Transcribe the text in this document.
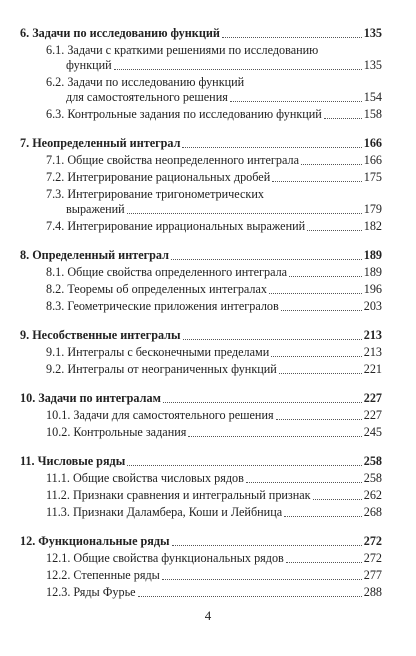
6. Задачи по исследованию функций	135
6.1. Задачи с краткими решениями по исследованию
функций	135
6.2. Задачи по исследованию функций
для самостоятельного решения	154
6.3. Контрольные задания по исследованию функций	158
7. Неопределенный интеграл	166
7.1. Общие свойства неопределенного интеграла	166
7.2. Интегрирование рациональных дробей	175
7.3. Интегрирование тригонометрических
выражений	179
7.4. Интегрирование иррациональных выражений	182
8. Определенный интеграл	189
8.1. Общие свойства определенного интеграла	189
8.2. Теоремы об определенных интегралах	196
8.3. Геометрические приложения интегралов	203
9. Несобственные интегралы	213
9.1. Интегралы с бесконечными пределами	213
9.2. Интегралы от неограниченных функций	221
10. Задачи по интегралам	227
10.1. Задачи для самостоятельного решения	227
10.2. Контрольные задания	245
11. Числовые ряды	258
11.1. Общие свойства числовых рядов	258
11.2. Признаки сравнения и интегральный признак	262
11.3. Признаки Даламбера, Коши и Лейбница	268
12. Функциональные ряды	272
12.1. Общие свойства функциональных рядов	272
12.2. Степенные ряды	277
12.3. Ряды Фурье	288
4
